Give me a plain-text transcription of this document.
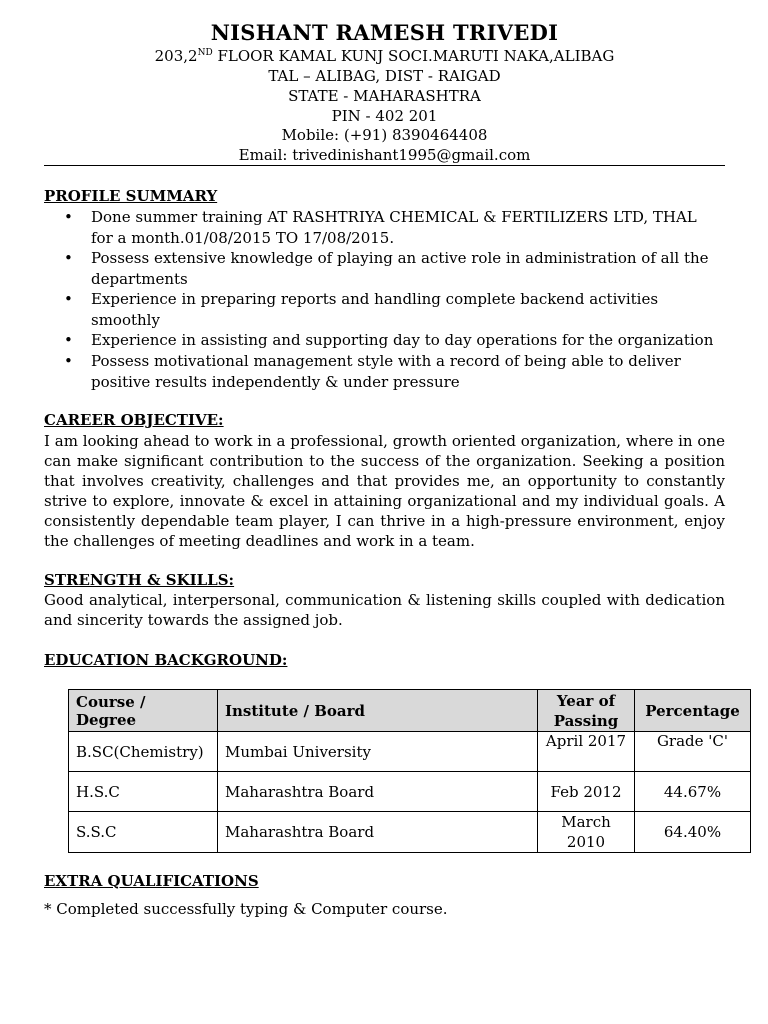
NISHANT RAMESH TRIVEDI
203,2ND FLOOR KAMAL KUNJ SOCI.MARUTI NAKA,ALIBAG
TAL – ALIBAG, DIST - RAIGAD
STATE - MAHARASHTRA
PIN - 402 201
Mobile: (+91) 8390464408
Email: trivedinishant1995@gmail.com
PROFILE SUMMARY
• Done summer training AT RASHTRIYA CHEMICAL & FERTILIZERS LTD, THAL for a month.01/08/2015 TO 17/08/2015.
• Possess extensive knowledge of playing an active role in administration of all the departments
• Experience in preparing reports and handling complete backend activities smoothly
• Experience in assisting and supporting day to day operations for the organization
• Possess motivational management style with a record of being able to deliver positive results independently & under pressure
CAREER OBJECTIVE:
I am looking ahead to work in a professional, growth oriented organization, where in one can make significant contribution to the success of the organization. Seeking a position that involves creativity, challenges and that provides me, an opportunity to constantly strive to explore, innovate & excel in attaining organizational and my individual goals. A consistently dependable team player, I can thrive in a high-pressure environment, enjoy the challenges of meeting deadlines and work in a team.
STRENGTH & SKILLS:
Good analytical, interpersonal, communication & listening skills coupled with dedication and sincerity towards the assigned job.
EDUCATION BACKGROUND:
Course / Degree	Institute / Board	Year of Passing	Percentage
B.SC(Chemistry)	Mumbai University	April 2017	Grade 'C'
H.S.C	Maharashtra Board	Feb 2012	44.67%
S.S.C	Maharashtra Board	March 2010	64.40%
EXTRA QUALIFICATIONS
* Completed successfully typing & Computer course.
